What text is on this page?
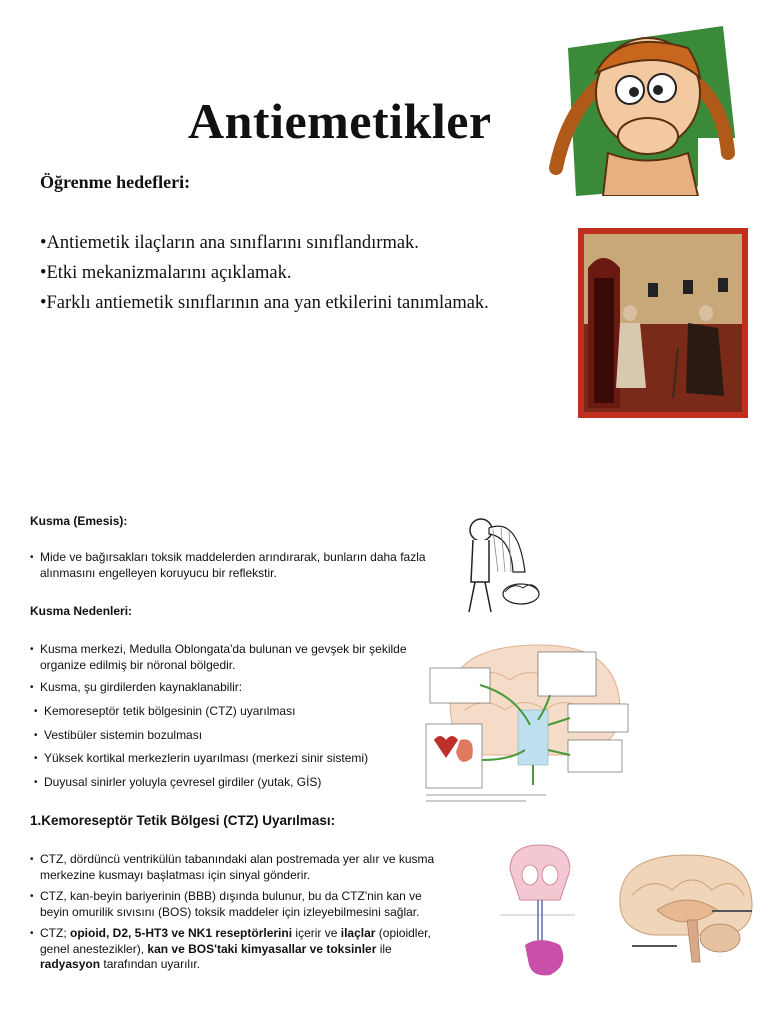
Antiemetikler
Öğrenme hedefleri:
•Antiemetik ilaçların ana sınıflarını sınıflandırmak.
•Etki mekanizmalarını açıklamak.
•Farklı antiemetik sınıflarının ana yan etkilerini tanımlamak.
Kusma (Emesis):
• Mide ve bağırsakları toksik maddelerden arındırarak, bunların daha fazla alınmasını engelleyen koruyucu bir reflekstir.
Kusma Nedenleri:
• Kusma merkezi, Medulla Oblongata'da bulunan ve gevşek bir şekilde organize edilmiş bir nöronal bölgedir.
• Kusma, şu girdilerden kaynaklanabilir:
• Kemoreseptör tetik bölgesinin (CTZ) uyarılması
• Vestibüler sistemin bozulması
• Yüksek kortikal merkezlerin uyarılması (merkezi sinir sistemi)
• Duyusal sinirler yoluyla çevresel girdiler (yutak, GİS)
1.Kemoreseptör Tetik Bölgesi (CTZ) Uyarılması:
• CTZ, dördüncü ventrikülün tabanındaki alan postremada yer alır ve kusma merkezine kusmayı başlatması için sinyal gönderir.
• CTZ, kan-beyin bariyerinin (BBB) dışında bulunur, bu da CTZ'nin kan ve beyin omurilik sıvısını (BOS) toksik maddeler için izleyebilmesini sağlar.
• CTZ; opioid, D2, 5-HT3 ve NK1 reseptörlerini içerir ve ilaçlar (opioidler, genel anestezikler), kan ve BOS'taki kimyasallar ve toksinler ile radyasyon tarafından uyarılır.
